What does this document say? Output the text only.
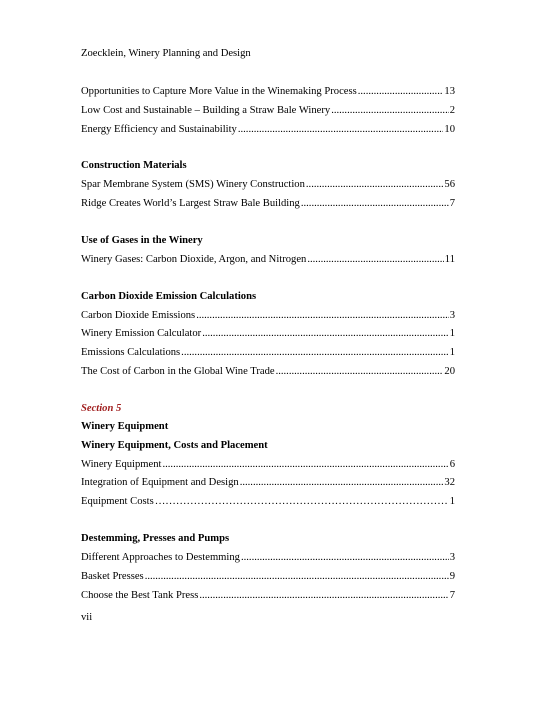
Zoecklein, Winery Planning and Design
Opportunities to Capture More Value in the Winemaking Process .....	13
Low Cost and Sustainable – Building a Straw Bale Winery .....	2
Energy Efficiency and Sustainability .....	10
Construction Materials
Spar Membrane System (SMS) Winery Construction .....	56
Ridge Creates World’s Largest Straw Bale Building .....	7
Use of Gases in the Winery
Winery Gases: Carbon Dioxide, Argon, and Nitrogen .....	11
Carbon Dioxide Emission Calculations
Carbon Dioxide Emissions .....	3
Winery Emission Calculator .....	1
Emissions Calculations .....	1
The Cost of Carbon in the Global Wine Trade .....	20
Section 5
Winery Equipment
Winery Equipment, Costs and Placement
Winery Equipment .....	6
Integration of Equipment and Design .....	32
Equipment Costs …………………………………………………………………………………………………………………………………………	1
Destemming, Presses and Pumps
Different Approaches to Destemming .....	3
Basket Presses .....	9
Choose the Best Tank Press .....	7
vii
